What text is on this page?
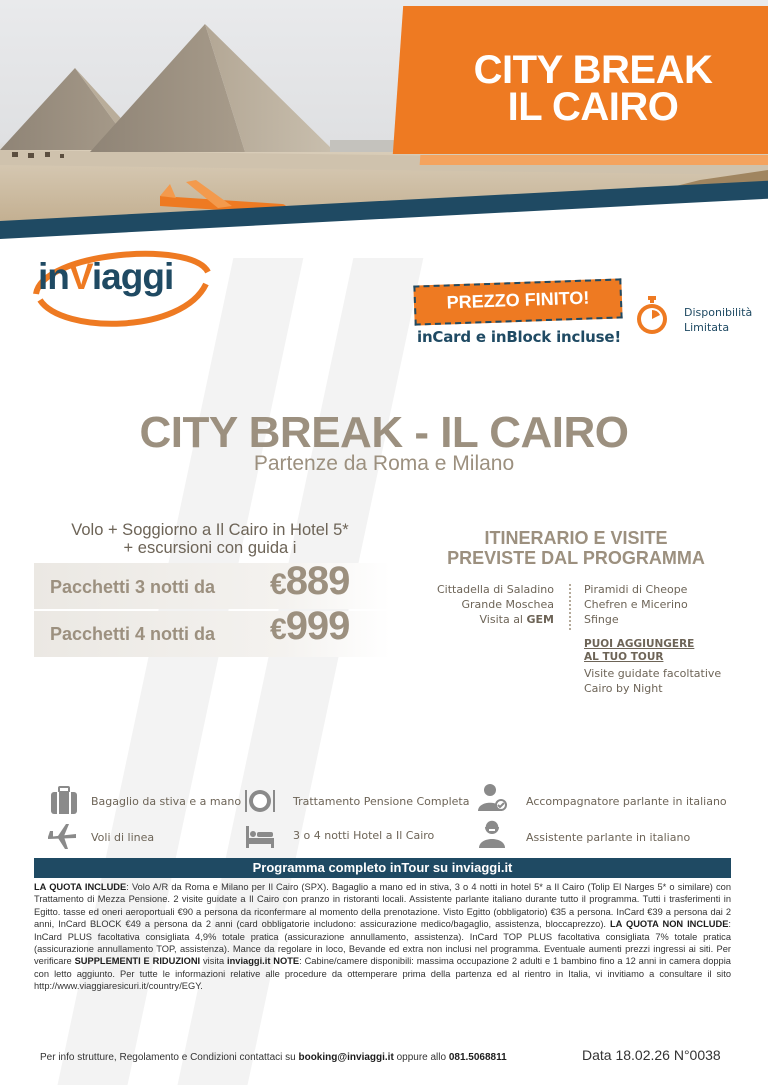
CITY BREAK
IL CAIRO
inViaggi
PREZZO FINITO!
inCard e inBlock incluse!
Disponibilità
Limitata
CITY BREAK - IL CAIRO
Partenze da Roma e Milano
Volo + Soggiorno a Il Cairo in Hotel 5*
+ escursioni con guida i
Pacchetti 3 notti da €889
Pacchetti 4 notti da €999
ITINERARIO E VISITE
PREVISTE DAL PROGRAMMA
Cittadella di Saladino
Grande Moschea
Visita al GEM
Piramidi di Cheope
Chefren e Micerino
Sfinge
PUOI AGGIUNGERE
AL TUO TOUR
Visite guidate facoltative
Cairo by Night
Bagaglio da stiva e a mano	Trattamento Pensione Completa	Accompagnatore parlante in italiano
Voli di linea	3 o 4 notti Hotel a Il Cairo	Assistente parlante in italiano
Programma completo inTour su inviaggi.it

LA QUOTA INCLUDE: Volo A/R da Roma e Milano per Il Cairo (SPX). Bagaglio a mano ed in stiva, 3 o 4 notti in hotel 5* a Il Cairo (Tolip El Narges 5* o similare) con Trattamento di Mezza Pensione. 2 visite guidate a Il Cairo con pranzo in ristoranti locali. Assistente parlante italiano durante tutto il programma. Tutti i trasferimenti in Egitto. tasse ed oneri aeroportuali €90 a persona da riconfermare al momento della prenotazione. Visto Egitto (obbligatorio) €35 a persona. InCard €39 a persona dai 2 anni, InCard BLOCK €49 a persona da 2 anni (card obbligatorie includono: assicurazione medico/bagaglio, assistenza, bloccaprezzo). LA QUOTA NON INCLUDE: InCard PLUS facoltativa consigliata 4,9% totale pratica (assicurazione annullamento, assistenza). InCard TOP PLUS facoltativa consigliata 7% totale pratica (assicurazione annullamento TOP, assistenza). Mance da regolare in loco, Bevande ed extra non inclusi nel programma. Eventuale aumenti prezzi ingressi ai siti. Per verificare SUPPLEMENTI E RIDUZIONI visita inviaggi.it NOTE: Cabine/camere disponibili: massima occupazione 2 adulti e 1 bambino fino a 12 anni in camera doppia con letto aggiunto. Per tutte le informazioni relative alle procedure da ottemperare prima della partenza ed al rientro in Italia, vi invitiamo a consultare il sito http://www.viaggiaresicuri.it/country/EGY.

Per info strutture, Regolamento e Condizioni contattaci su booking@inviaggi.it oppure allo 081.5068811	Data 18.02.26 N°0038
